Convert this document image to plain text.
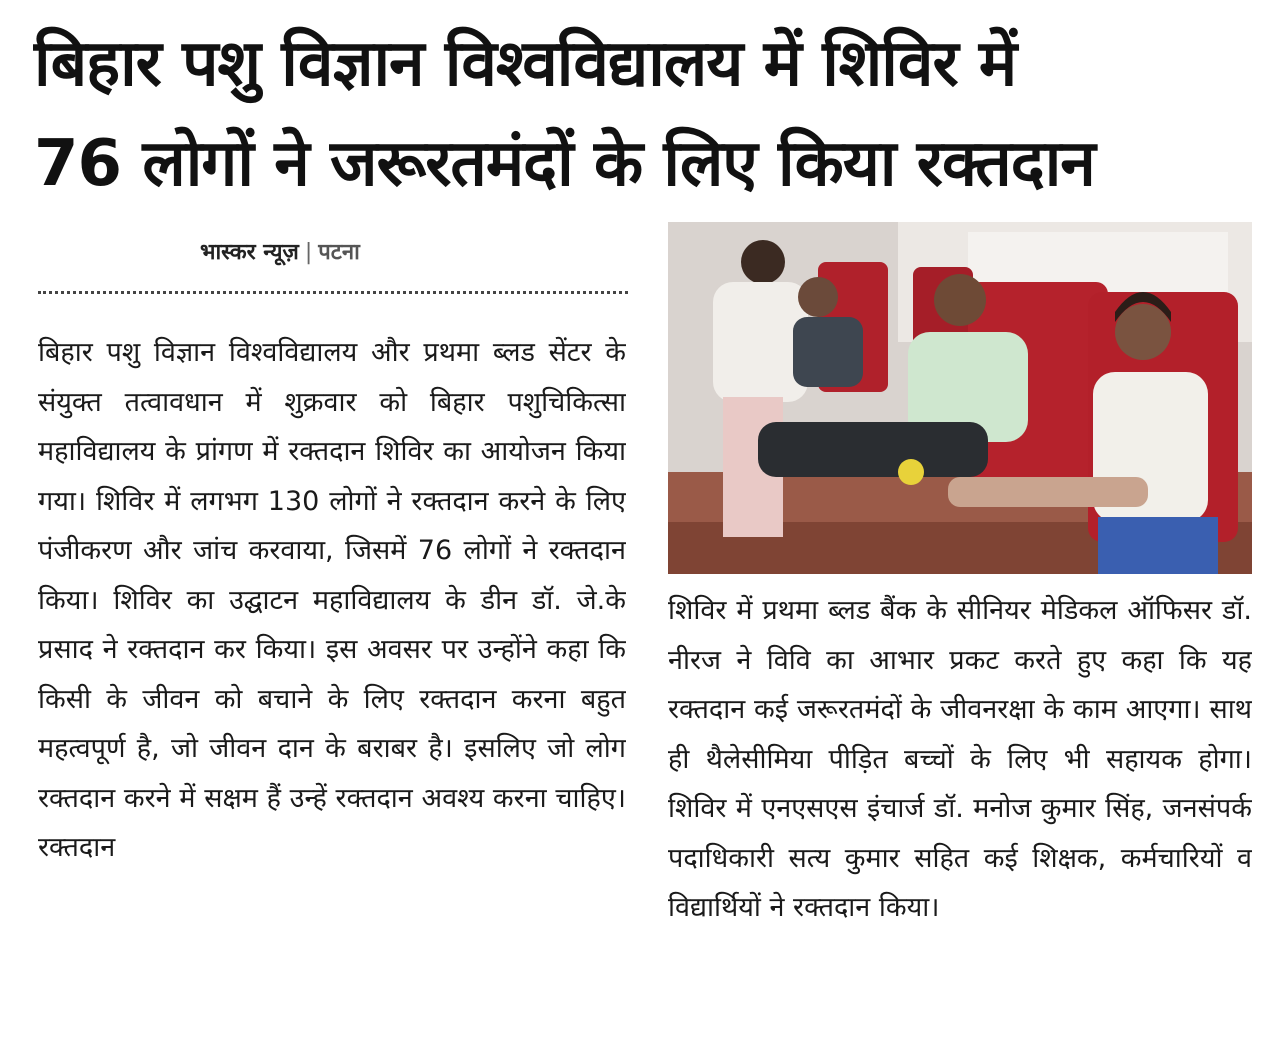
बिहार पशु विज्ञान विश्वविद्यालय में शिविर में
76 लोगों ने जरूरतमंदों के लिए किया रक्तदान
भास्कर न्यूज़ | पटना

बिहार पशु विज्ञान विश्वविद्यालय और प्रथमा ब्लड सेंटर के संयुक्त तत्वावधान में शुक्रवार को बिहार पशुचिकित्सा महाविद्यालय के प्रांगण में रक्तदान शिविर का आयोजन किया गया। शिविर में लगभग 130 लोगों ने रक्तदान करने के लिए पंजीकरण और जांच करवाया, जिसमें 76 लोगों ने रक्तदान किया। शिविर का उद्घाटन महाविद्यालय के डीन डॉ. जे.के प्रसाद ने रक्तदान कर किया। इस अवसर पर उन्होंने कहा कि किसी के जीवन को बचाने के लिए रक्तदान करना बहुत महत्वपूर्ण है, जो जीवन दान के बराबर है। इसलिए जो लोग रक्तदान करने में सक्षम हैं उन्हें रक्तदान अवश्य करना चाहिए। रक्तदान

शिविर में प्रथमा ब्लड बैंक के सीनियर मेडिकल ऑफिसर डॉ. नीरज ने विवि का आभार प्रकट करते हुए कहा कि यह रक्तदान कई जरूरतमंदों के जीवनरक्षा के काम आएगा। साथ ही थैलेसीमिया पीड़ित बच्चों के लिए भी सहायक होगा। शिविर में एनएसएस इंचार्ज डॉ. मनोज कुमार सिंह, जनसंपर्क पदाधिकारी सत्य कुमार सहित कई शिक्षक, कर्मचारियों व विद्यार्थियों ने रक्तदान किया।
